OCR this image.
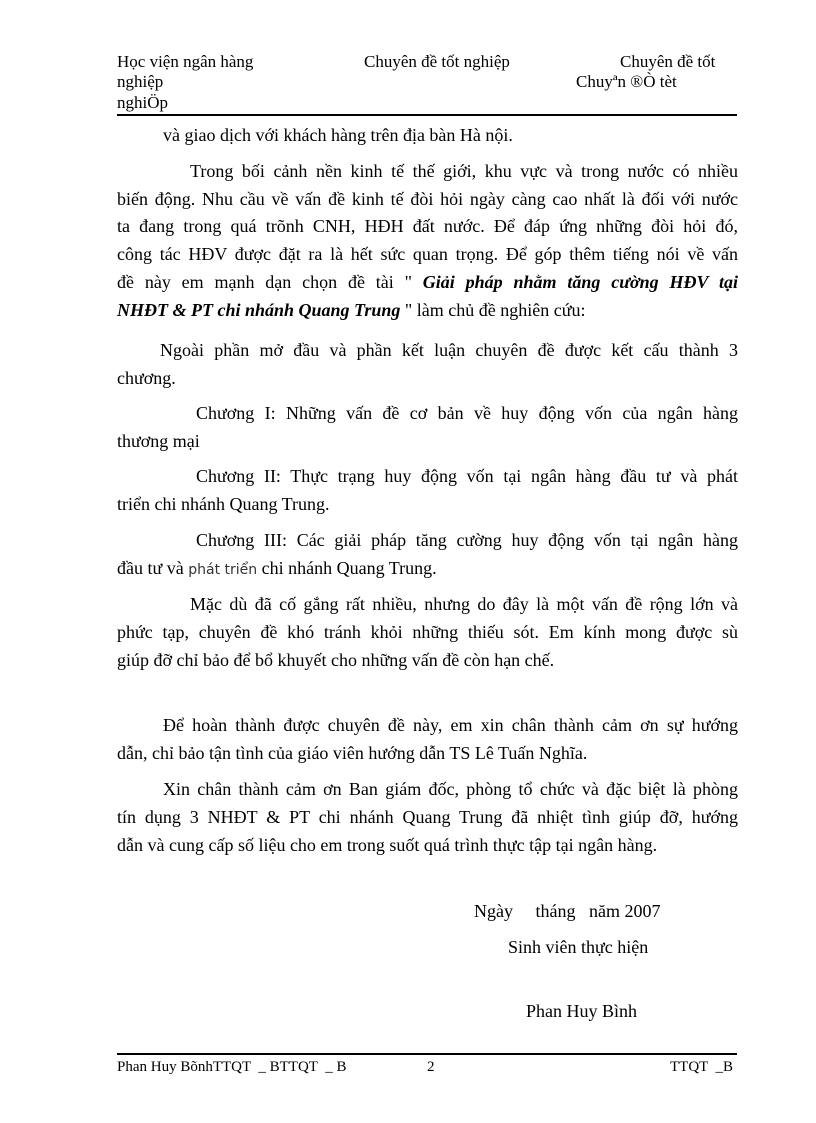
Học viện ngân hàng	Chuyên đề tốt nghiệp	Chuyên đề tốt
nghiệp	Chuyªn ®Ò tèt
nghiÖp
và giao dịch với khách hàng trên địa bàn Hà nội.
Trong bối cảnh nền kinh tế thế giới, khu vực và trong nước có nhiều
biến động. Nhu cầu về vấn đề kinh tế đòi hỏi ngày càng cao nhất là đối với nước
ta đang trong quá trõnh CNH, HĐH đất nước. Để đáp ứng những đòi hỏi đó,
công tác HĐV được đặt ra là hết sức quan trọng. Để góp thêm tiếng nói về vấn
đề này em mạnh dạn chọn đề tài " Giải pháp nhằm tăng cường HĐV tại
NHĐT & PT chi nhánh Quang Trung " làm chủ đề nghiên cứu:
Ngoài phần mở đầu và phần kết luận chuyên đề được kết cấu thành 3
chương.
Chương I: Những vấn đề cơ bản về huy động vốn của ngân hàng
thương mại
Chương II: Thực trạng huy động vốn tại ngân hàng đầu tư và phát
triển chi nhánh Quang Trung.
Chương III: Các giải pháp tăng cường huy động vốn tại ngân hàng
đầu tư và phát triển chi nhánh Quang Trung.
Mặc dù đã cố gắng rất nhiều, nhưng do đây là một vấn đề rộng lớn và
phức tạp, chuyên đề khó tránh khỏi những thiếu sót. Em kính mong được sù
giúp đỡ chỉ bảo để bổ khuyết cho những vấn đề còn hạn chế.
Để hoàn thành được chuyên đề này, em xin chân thành cảm ơn sự hướng
dẫn, chỉ bảo tận tình của giáo viên hướng dẫn TS Lê Tuấn Nghĩa.
Xin chân thành cảm ơn Ban giám đốc, phòng tổ chức và đặc biệt là phòng
tín dụng 3 NHĐT & PT chi nhánh Quang Trung đã nhiệt tình giúp đỡ, hướng
dẫn và cung cấp số liệu cho em trong suốt quá trình thực tập tại ngân hàng.
Ngày     tháng   năm 2007
Sinh viên thực hiện
Phan Huy Bình
Phan Huy BõnhTTQT  _ BTTQT  _ B	2	TTQT  _B
